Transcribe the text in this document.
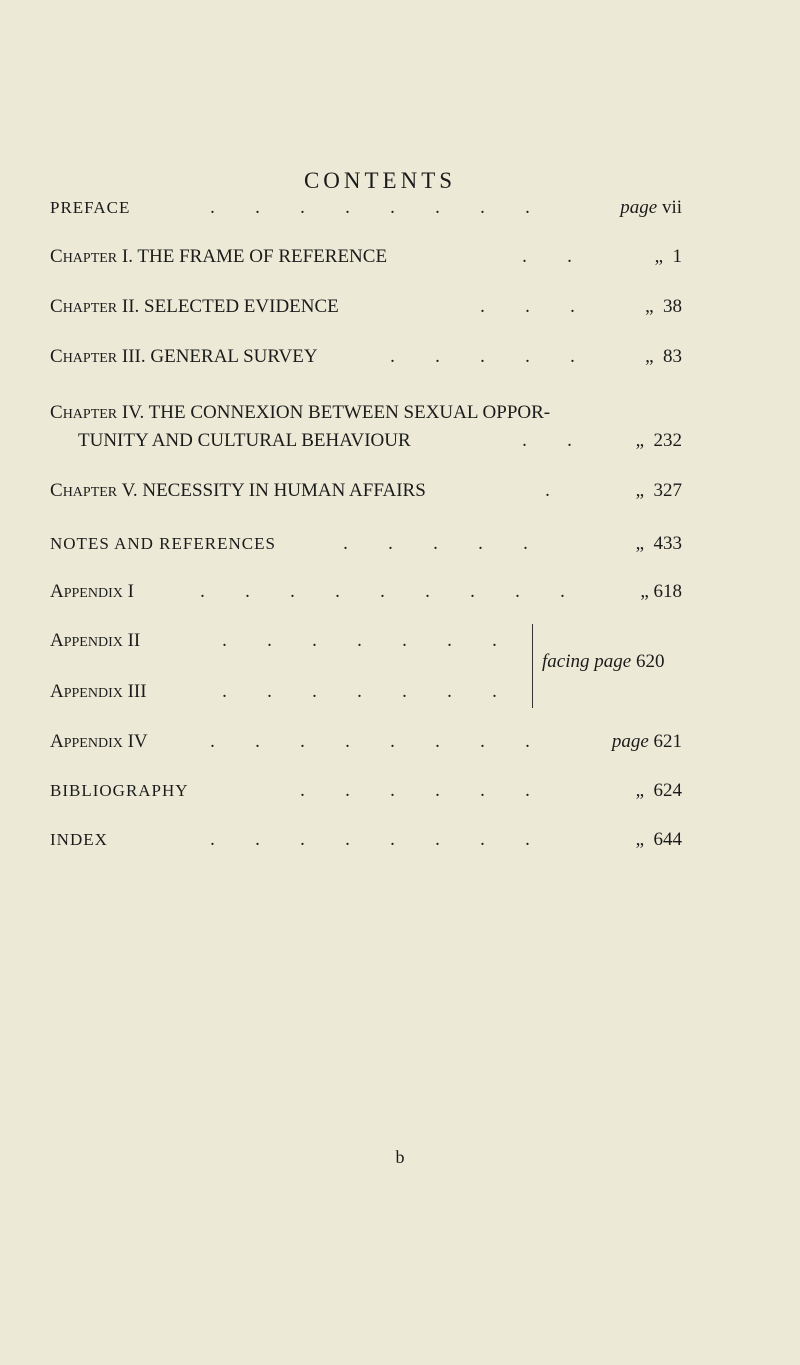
CONTENTS
PREFACE	. . . . . . . .	page vii
CHAPTER I. THE FRAME OF REFERENCE	. .	„ 1
CHAPTER II. SELECTED EVIDENCE	. . .	„ 38
CHAPTER III. GENERAL SURVEY	. . . . .	„ 83
CHAPTER IV. THE CONNEXION BETWEEN SEXUAL OPPOR-
TUNITY AND CULTURAL BEHAVIOUR	. .	„ 232
CHAPTER V. NECESSITY IN HUMAN AFFAIRS	.	„ 327
NOTES AND REFERENCES	. . . . .	„ 433
APPENDIX I	. . . . . . . . .	„ 618
APPENDIX II	. . . . . . .
APPENDIX III	. . . . . . .
facing page 620
APPENDIX IV	. . . . . . . .	page 621
BIBLIOGRAPHY	. . . . . .	„ 624
INDEX	. . . . . . . .	„ 644
b
